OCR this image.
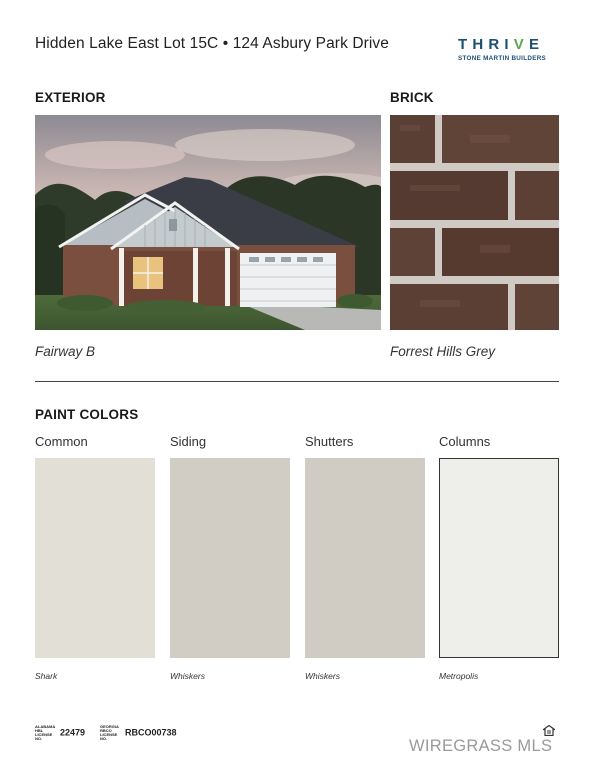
Hidden Lake East Lot 15C • 124 Asbury Park Drive	THRIVE
STONE MARTIN BUILDERS
EXTERIOR	BRICK
Fairway B	Forrest Hills Grey
PAINT COLORS
Common	Siding	Shutters	Columns
Shark	Whiskers	Whiskers	Metropolis
ALABAMA HBL LICENSE NO.22479
GEORGIA RBCO LICENSE NO.RBCO00738
WIREGRASS MLS
